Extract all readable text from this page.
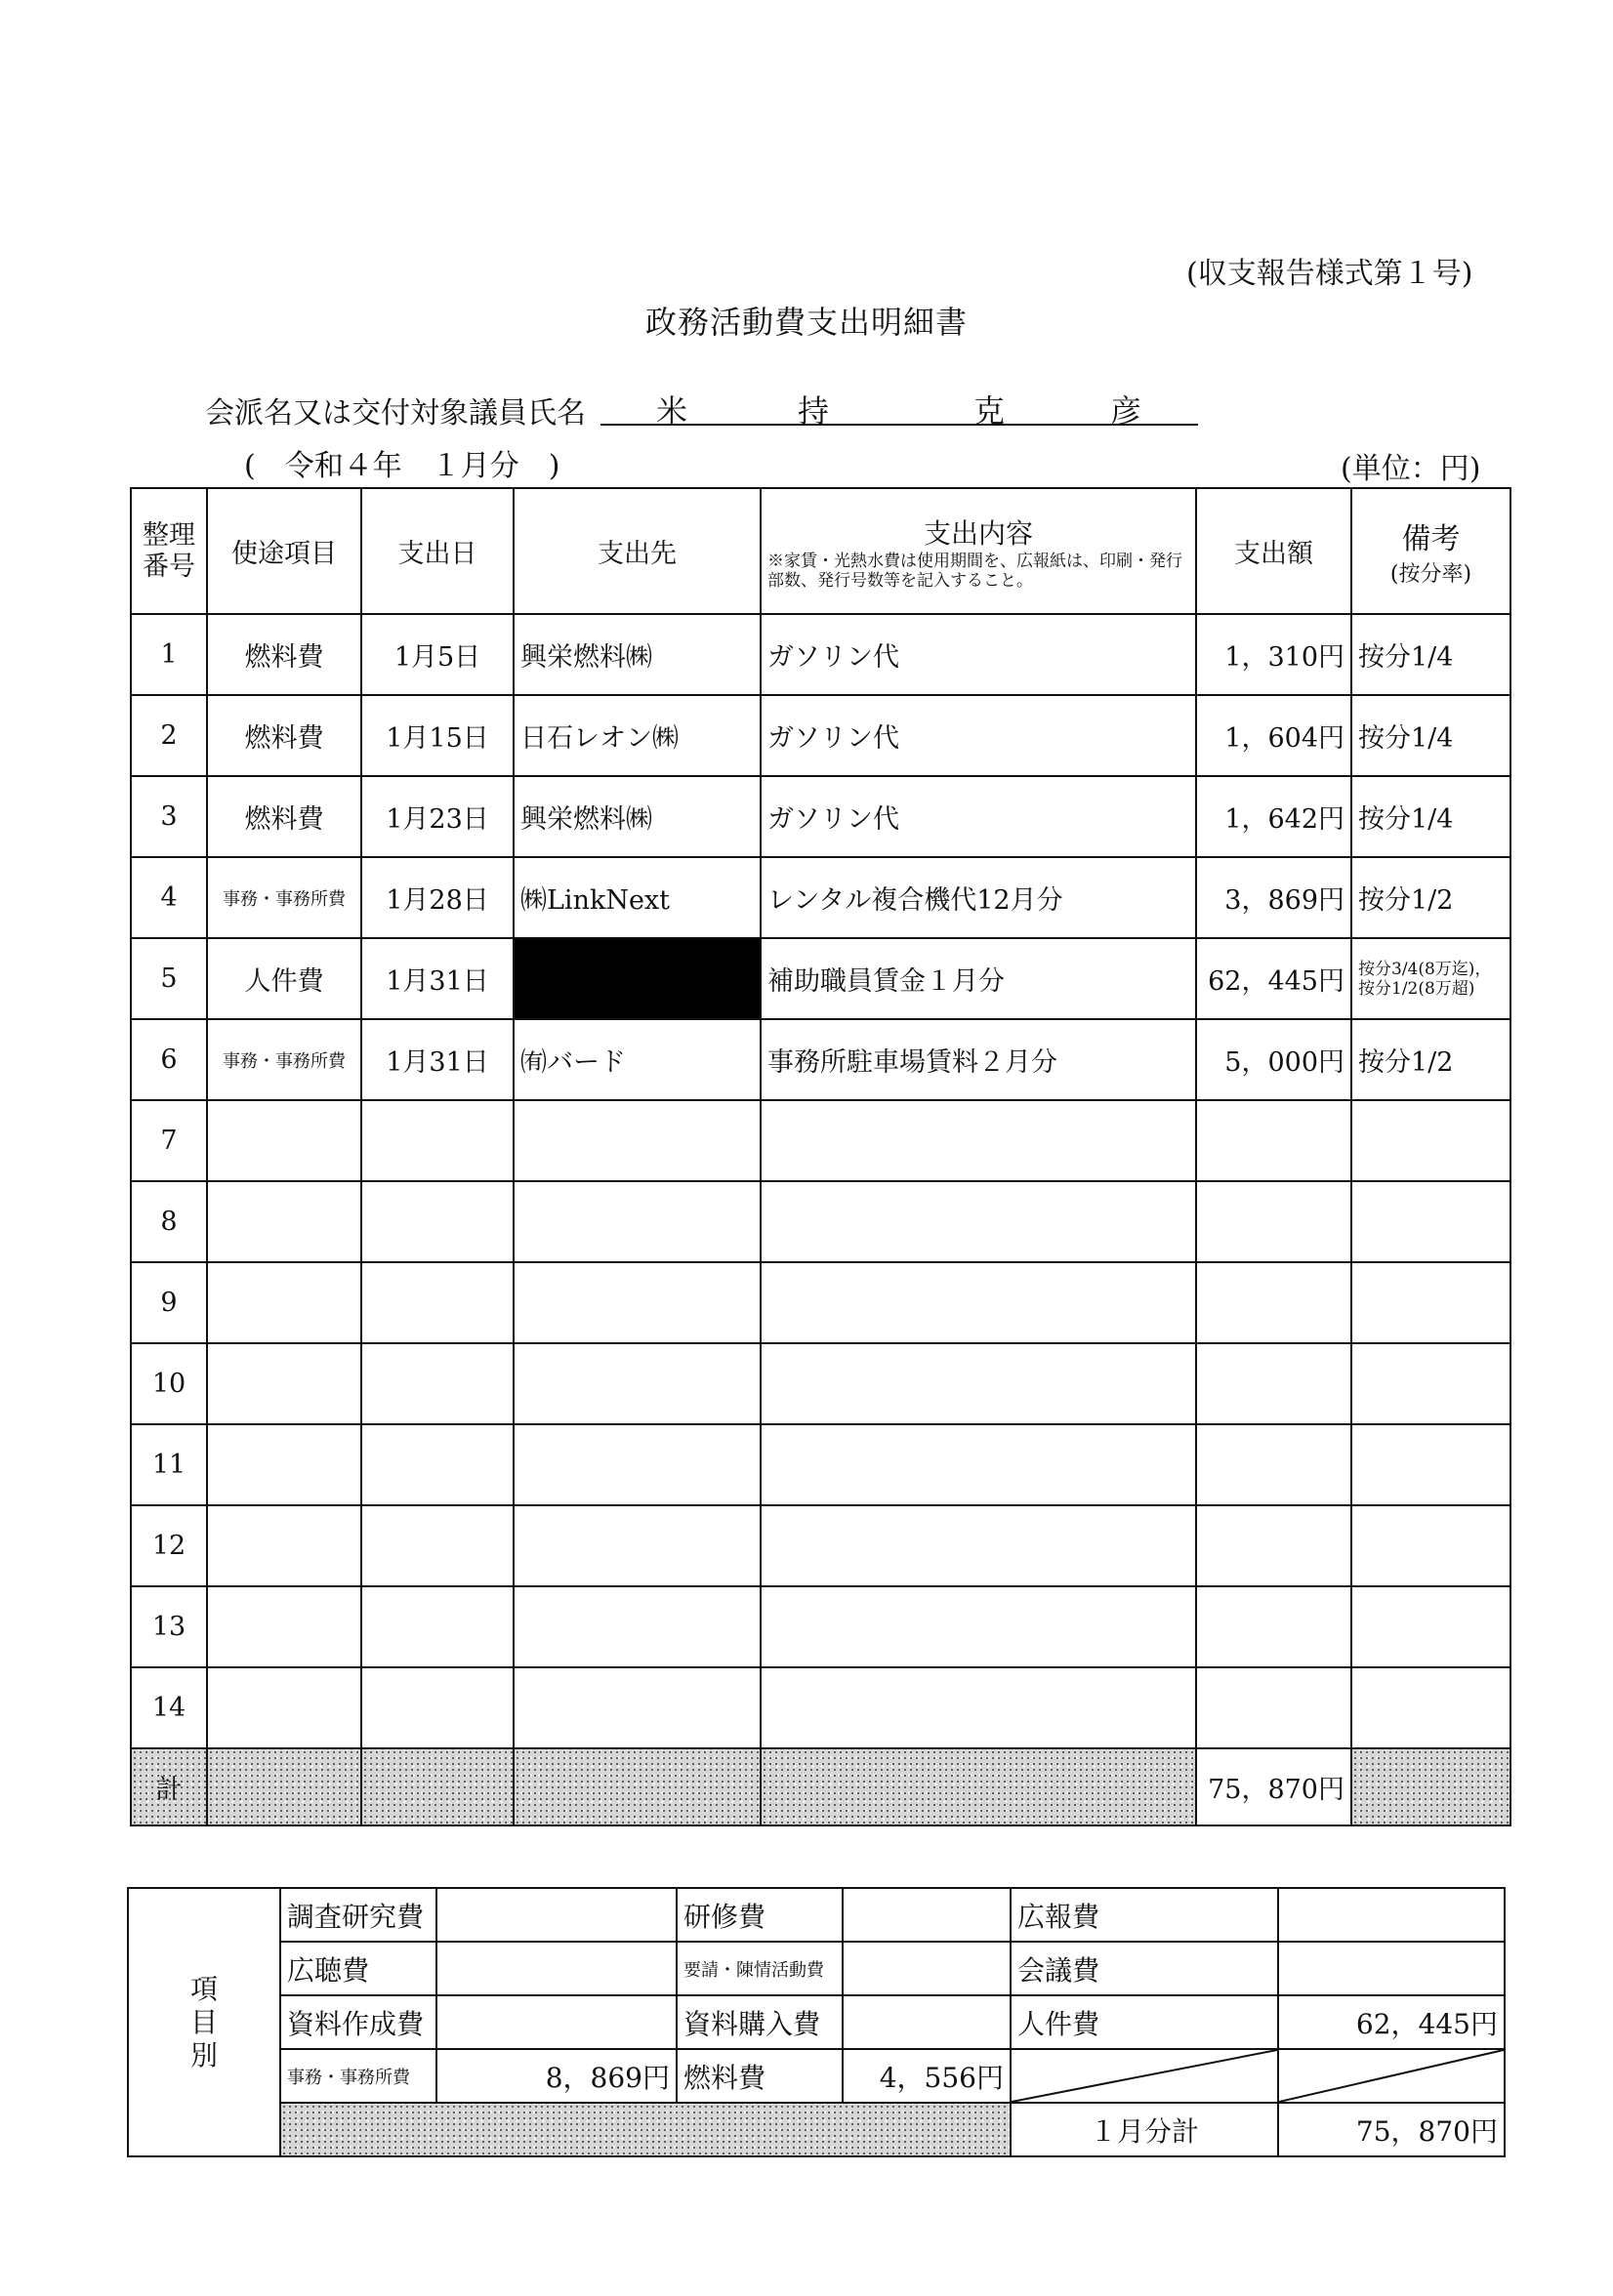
(収支報告様式第１号)
政務活動費支出明細書
会派名又は交付対象議員氏名 米	持	克	彦
(　令和４年　１月分　)	(単位：円)
整理
番号	使途項目	支出日	支出先	支出内容
※家賃・光熱水費は使用期間を、広報紙は、印刷・発行部数、発行号数等を記入すること。	支出額	備考
(按分率)

1	燃料費	1月5日	興栄燃料㈱	ガソリン代	1，310円	按分1/4
2	燃料費	1月15日	日石レオン㈱	ガソリン代	1，604円	按分1/4
3	燃料費	1月23日	興栄燃料㈱	ガソリン代	1，642円	按分1/4
4	事務・事務所費	1月28日	㈱LinkNext	レンタル複合機代12月分	3，869円	按分1/2
5	人件費	1月31日		補助職員賃金１月分	62，445円	按分3/4(8万迄)，按分1/2(8万超)
6	事務・事務所費	1月31日	㈲バード	事務所駐車場賃料２月分	5，000円	按分1/2
7						
8						
9						
10						
11						
12						
13						
14						
計					75，870円	
項
目
別	調査研究費		研修費		広報費	
	広聴費		要請・陳情活動費		会議費	
	資料作成費		資料購入費		人件費	62，445円
	事務・事務所費	8，869円	燃料費	4，556円	

					１月分計	75，870円
